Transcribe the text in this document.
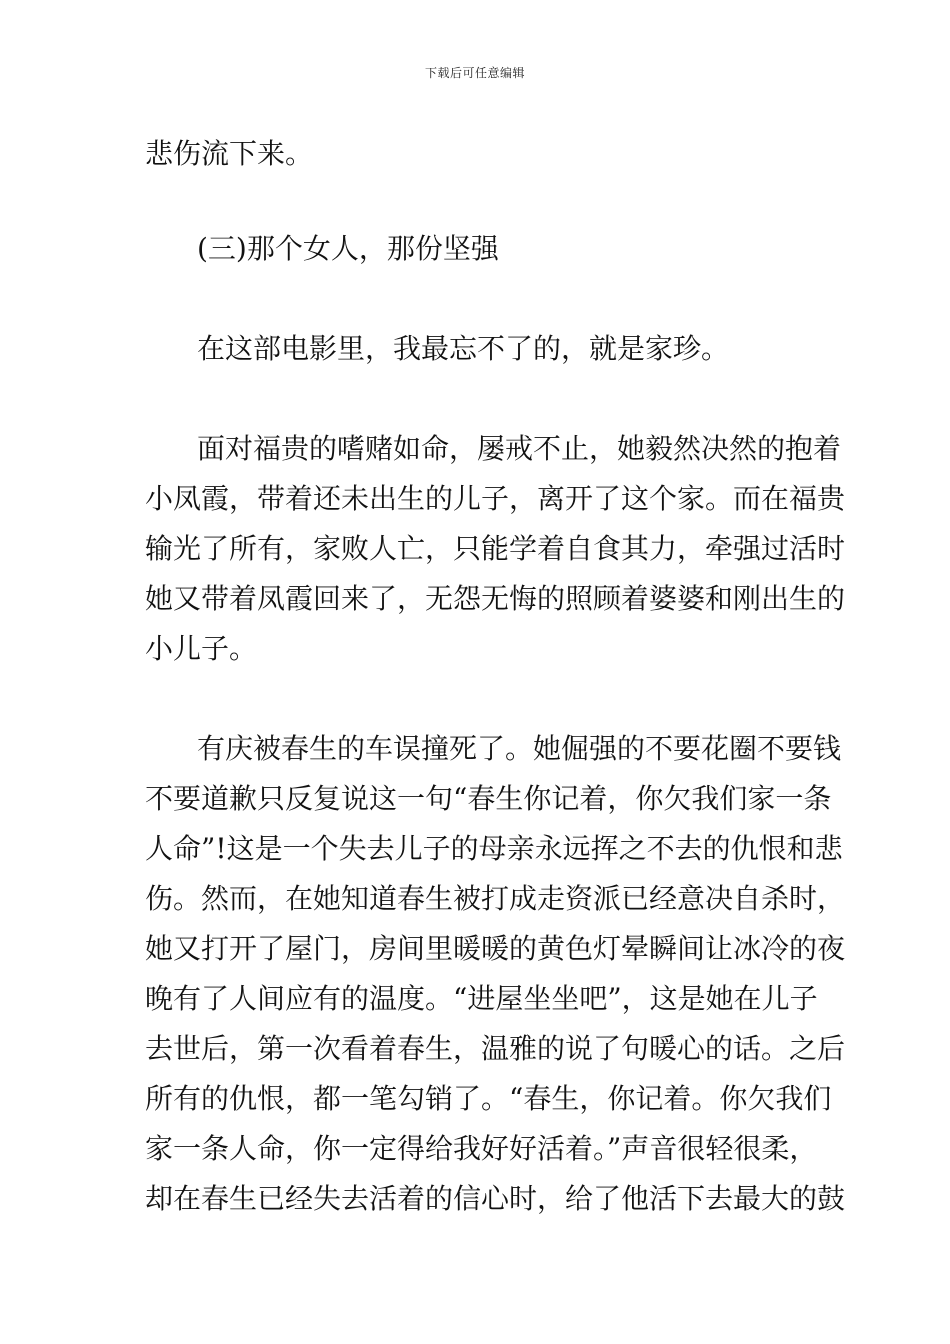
下载后可任意编辑
悲伤流下来。
(三)那个女人，那份坚强
在这部电影里，我最忘不了的，就是家珍。
面对福贵的嗜赌如命，屡戒不止，她毅然决然的抱着
小凤霞，带着还未出生的儿子，离开了这个家。而在福贵
输光了所有，家败人亡，只能学着自食其力，牵强过活时
她又带着凤霞回来了，无怨无悔的照顾着婆婆和刚出生的
小儿子。
有庆被春生的车误撞死了。她倔强的不要花圈不要钱
不要道歉只反复说这一句“春生你记着，你欠我们家一条
人命”!这是一个失去儿子的母亲永远挥之不去的仇恨和悲
伤。然而，在她知道春生被打成走资派已经意决自杀时，
她又打开了屋门，房间里暖暖的黄色灯晕瞬间让冰冷的夜
晚有了人间应有的温度。“进屋坐坐吧”，这是她在儿子
去世后，第一次看着春生，温雅的说了句暖心的话。之后
所有的仇恨，都一笔勾销了。“春生，你记着。你欠我们
家一条人命，你一定得给我好好活着。”声音很轻很柔，
却在春生已经失去活着的信心时，给了他活下去最大的鼓
